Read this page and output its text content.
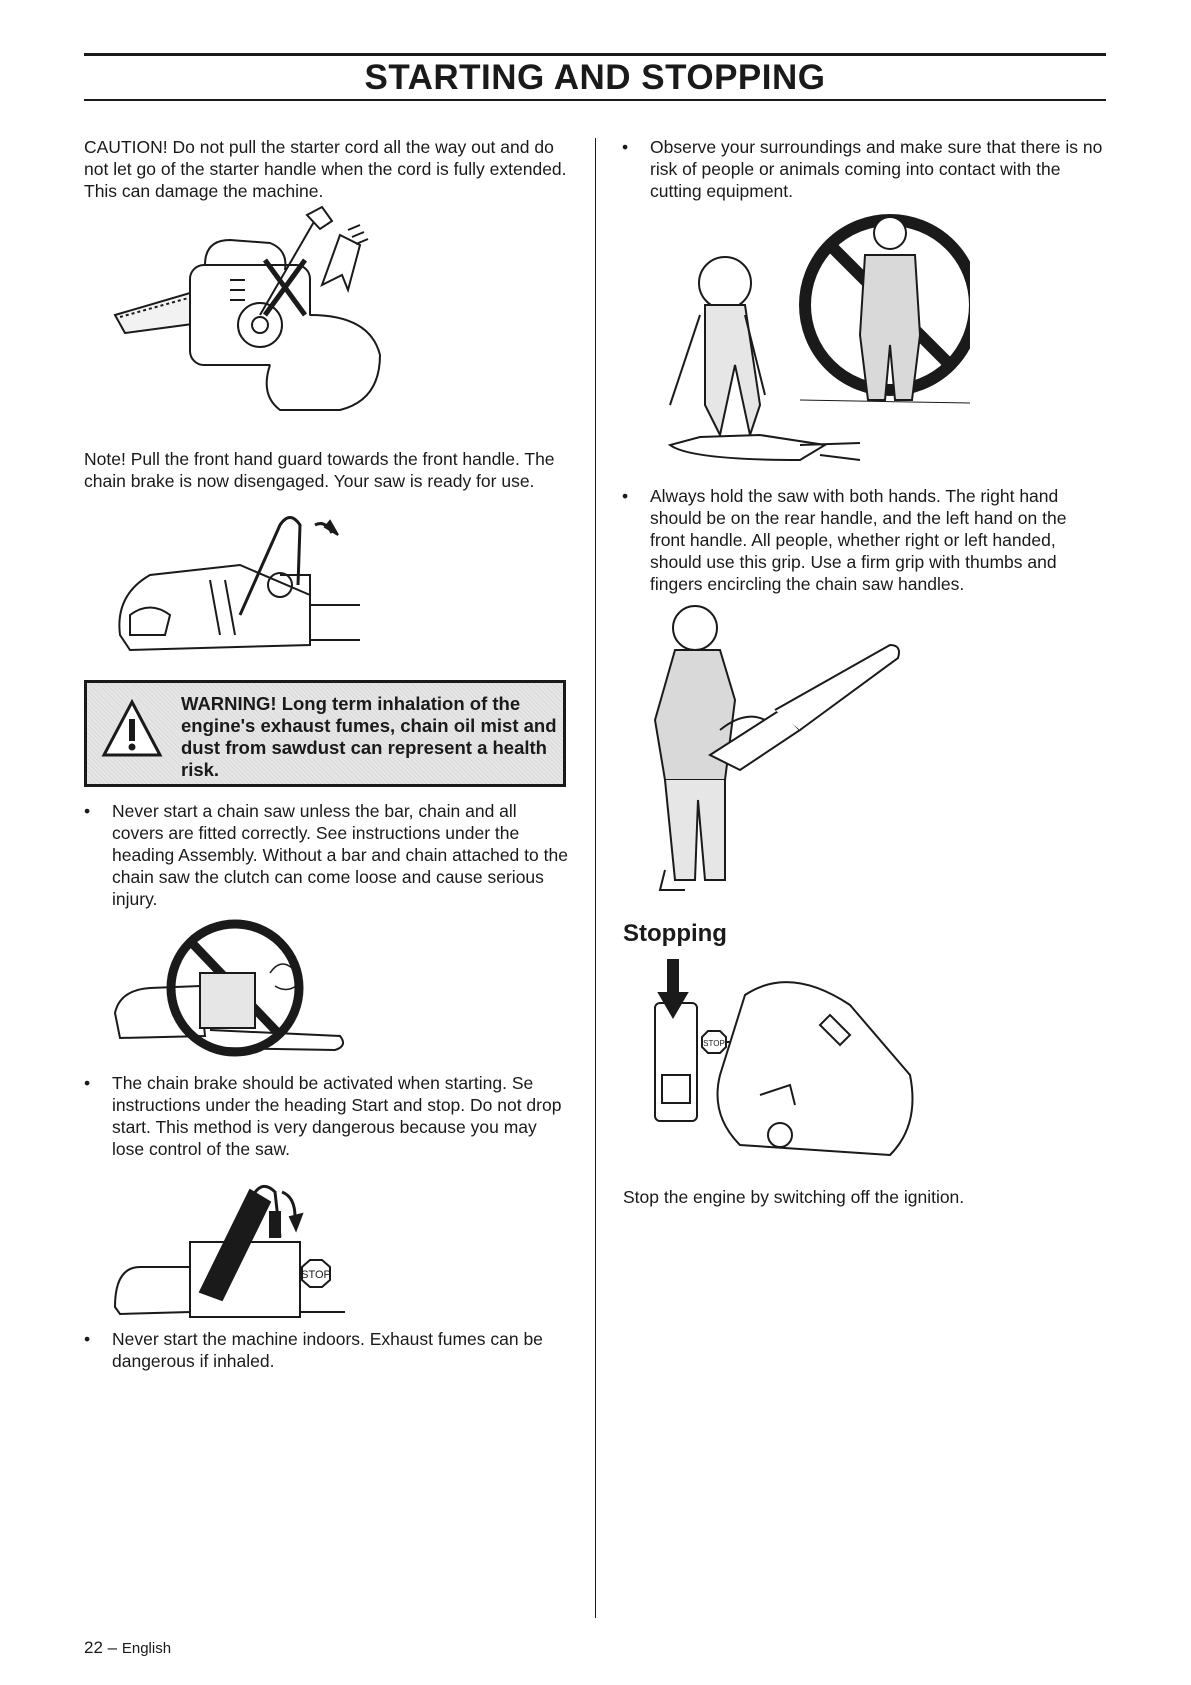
STARTING AND STOPPING

CAUTION! Do not pull the starter cord all the way out and do not let go of the starter handle when the cord is fully extended. This can damage the machine.

Note! Pull the front hand guard towards the front handle. The chain brake is now disengaged. Your saw is ready for use.

WARNING! Long term inhalation of the engine's exhaust fumes, chain oil mist and dust from sawdust can represent a health risk.
•	Never start a chain saw unless the bar, chain and all covers are fitted correctly. See instructions under the heading Assembly. Without a bar and chain attached to the chain saw the clutch can come loose and cause serious injury.
•	The chain brake should be activated when starting. Se instructions under the heading Start and stop. Do not drop start. This method is very dangerous because you may lose control of the saw.
STOP
•	Never start the machine indoors. Exhaust fumes can be dangerous if inhaled.
•	Observe your surroundings and make sure that there is no risk of people or animals coming into contact with the cutting equipment.
•	Always hold the saw with both hands. The right hand should be on the rear handle, and the left hand on the front handle. All people, whether right or left handed, should use this grip. Use a firm grip with thumbs and fingers encircling the chain saw handles.
Stopping
STOP

Stop the engine by switching off the ignition.

22 – English
